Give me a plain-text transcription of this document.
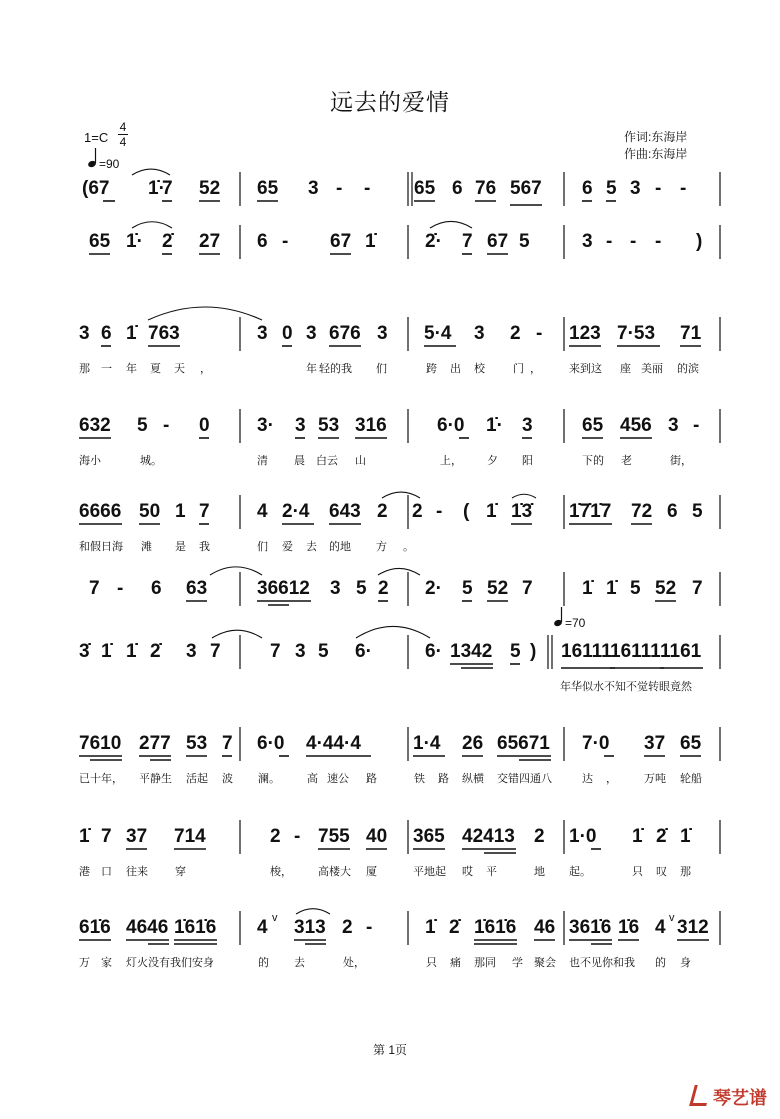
远去的爱情
1=C
4
4
=90
=70
作词:东海岸
作曲:东海岸
(67 1̇·
7 52 65 3 - - 65 6 76 567 6 5 3 - -
65 1̇· 2̇ 27 6 - 67 1̇	2̇· 7 67 5	3 - - - )
3 6 1̇ 763	3 0 3 676 3 5·4 3 2 - 123 7·53 71
那 一 年 夏 天 ，	年 轻的我 们	跨 出 校	门 ，	来到这 座 美丽 的滨
632 5 - 0 3· 3 53 316	6·0 1̇· 3	65 456 3 -
海小	城。	清 晨 白云 山	上， 夕 阳	下的 老	街，
6666 50 1 7 4 2·4 643 2 2 - ( 1̇ 1̇3̇ 1̇7̇1̇7 72 6 5
和假日海 滩 是 我	们 爱 去 的地 方 。
7 - 6 63	36612 3 5 2 2· 5 52 7	1̇ 1̇ 5 52 7
3̇ 1̇ 1̇ 2̇ 3 7	7 3 5 6·	6· 1342 5 ) 16111
16111 1161
年华似水不知不觉转眼竟然
7610 277 53 7 6·0 4·44·4	1·4 26 65671 7·0 37 65
已十年， 平静生 活起 波 澜。 高 速公 路	铁 路 纵横 交错四通八	达 ， 万吨 轮船
1̇ 7 37 714	2 - 755 40 365 42413 2 1·0 1̇ 2̇ 1̇
港 口 往来 穿	梭， 高楼大 厦	平地起 哎 平	地 起。	只 叹 那
61̇6 4646 1̇61̇6 4 313 2 -	1̇ 2̇ 1̇61̇6 46 361̇6 1̇6 4 312
万 家 灯火没有我们安身	的 去	处，	只 痛 那同 学 聚会 也不见你和我 的 身
v	v
第 1页
琴艺谱
